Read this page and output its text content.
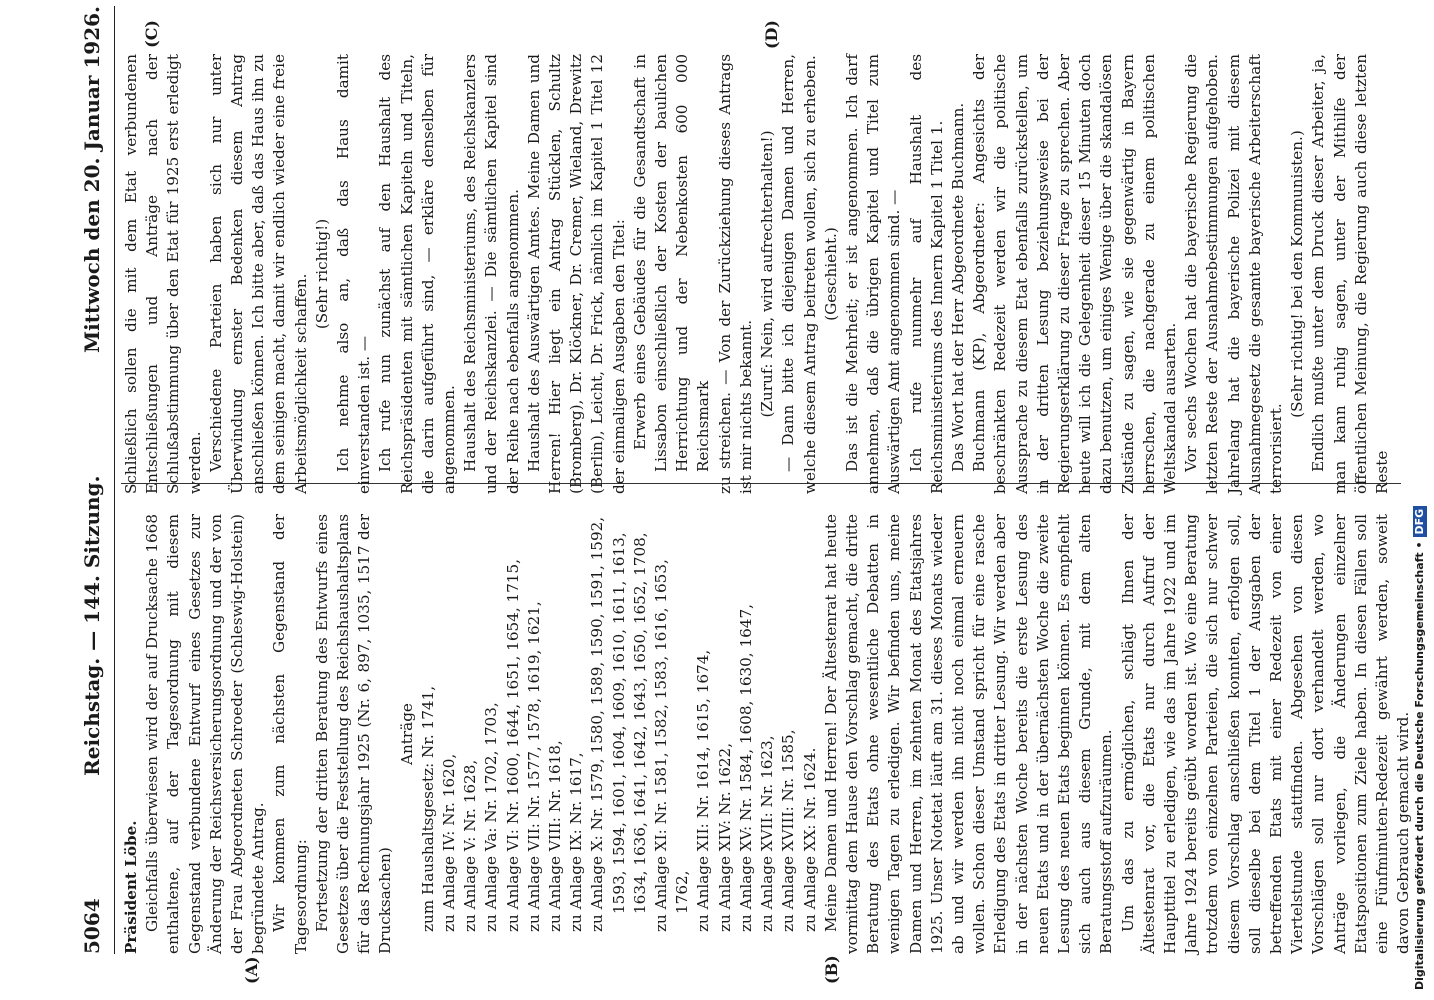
5064
Reichstag. — 144. Sitzung.
Mittwoch den 20. Januar 1926.
(A)	(B)

Präsident Löbe. Gleichfalls überwiesen wird der auf Drucksache 1668 enthaltene, auf der Tagesordnung mit diesem Gegenstand verbundene Entwurf eines Gesetzes zur Änderung der Reichsversicherungsordnung und der von der Frau Abgeordneten Schroeder (Schleswig-Holstein) begründete Antrag. Wir kommen zum nächsten Gegenstand der Tagesordnung: Fortsetzung der dritten Beratung des Entwurfs eines Gesetzes über die Feststellung des Reichshaushaltsplans für das Rechnungsjahr 1925 (Nr. 6, 897, 1035, 1517 der Drucksachen)

Anträge zum Haushaltsgesetz: Nr. 1741, zu Anlage IV: Nr. 1620, zu Anlage V: Nr. 1628, zu Anlage Va: Nr. 1702, 1703, zu Anlage VI: Nr. 1600, 1644, 1651, 1654, 1715, zu Anlage VII: Nr. 1577, 1578, 1619, 1621, zu Anlage VIII: Nr. 1618, zu Anlage IX: Nr. 1617, zu Anlage X: Nr. 1579, 1580, 1589, 1590, 1591, 1592, 1593, 1594, 1601, 1604, 1609, 1610, 1611, 1613, 1634, 1636, 1641, 1642, 1643, 1650, 1652, 1708, zu Anlage XI: Nr. 1581, 1582, 1583, 1616, 1653, 1762, zu Anlage XII: Nr. 1614, 1615, 1674, zu Anlage XIV: Nr. 1622, zu Anlage XV: Nr. 1584, 1608, 1630, 1647, zu Anlage XVII: Nr. 1623, zu Anlage XVIII: Nr. 1585, zu Anlage XX: Nr. 1624. Meine Damen und Herren! Der Ältestenrat hat heute vormittag dem Hause den Vorschlag gemacht, die dritte Beratung des Etats ohne wesentliche Debatten in wenigen Tagen zu erledigen. Wir befinden uns, meine Damen und Herren, im zehnten Monat des Etatsjahres 1925. Unser Notetat läuft am 31. dieses Monats wieder ab und wir werden ihn nicht noch einmal erneuern wollen. Schon dieser Umstand spricht für eine rasche Erledigung des Etats in dritter Lesung. Wir werden aber in der nächsten Woche bereits die erste Lesung des neuen Etats und in der übernächsten Woche die zweite Lesung des neuen Etats beginnen können. Es empfiehlt sich auch aus diesem Grunde, mit dem alten Beratungsstoff aufzuräumen. Um das zu ermöglichen, schlägt Ihnen der Ältestenrat vor, die Etats nur durch Aufruf der Haupttitel zu erledigen, wie das im Jahre 1922 und im Jahre 1924 bereits geübt worden ist. Wo eine Beratung trotzdem von einzelnen Parteien, die sich nur schwer diesem Vorschlag anschließen konnten, erfolgen soll, soll dieselbe bei dem Titel 1 der Ausgaben der betreffenden Etats mit einer Redezeit von einer Viertelstunde stattfinden. Abgesehen von diesen Vorschlägen soll nur dort verhandelt werden, wo Anträge vorliegen, die Änderungen einzelner Etatspositionen zum Ziele haben. In diesen Fällen soll eine Fünfminuten-Redezeit gewährt werden, soweit davon Gebrauch gemacht wird.

(C)	(D)

Schließlich sollen die mit dem Etat verbundenen Entschließungen und Anträge nach der Schlußabstimmung über den Etat für 1925 erst erledigt werden. Verschiedene Parteien haben sich nur unter Überwindung ernster Bedenken diesem Antrag anschließen können. Ich bitte aber, daß das Haus ihn zu dem seinigen macht, damit wir endlich wieder eine freie Arbeitsmöglichkeit schaffen. (Sehr richtig!) Ich nehme also an, daß das Haus damit einverstanden ist. — Ich rufe nun zunächst auf den Haushalt des Reichspräsidenten mit sämtlichen Kapiteln und Titeln, die darin aufgeführt sind, — erkläre denselben für angenommen. Haushalt des Reichsministeriums, des Reichskanzlers und der Reichskanzlei. — Die sämtlichen Kapitel sind der Reihe nach ebenfalls angenommen. Haushalt des Auswärtigen Amtes. Meine Damen und Herren! Hier liegt ein Antrag Stücklen, Schultz (Bromberg), Dr. Klöckner, Dr. Cremer, Wieland, Drewitz (Berlin), Leicht, Dr. Frick, nämlich im Kapitel 1 Titel 12 der einmaligen Ausgaben den Titel: Erwerb eines Gebäudes für die Gesandtschaft in Lissabon einschließlich der Kosten der baulichen Herrichtung und der Nebenkosten 600 000 Reichsmark zu streichen. — Von der Zurückziehung dieses Antrags ist mir nichts bekannt. (Zuruf: Nein, wird aufrechterhalten!) — Dann bitte ich diejenigen Damen und Herren, welche diesem Antrag beitreten wollen, sich zu erheben. (Geschieht.) Das ist die Mehrheit; er ist angenommen. Ich darf annehmen, daß die übrigen Kapitel und Titel zum Auswärtigen Amt angenommen sind. — Ich rufe nunmehr auf Haushalt des Reichsministeriums des Innern Kapitel 1 Titel 1. Das Wort hat der Herr Abgeordnete Buchmann. Buchmann (KP), Abgeordneter: Angesichts der beschränkten Redezeit werden wir die politische Aussprache zu diesem Etat ebenfalls zurückstellen, um in der dritten Lesung beziehungsweise bei der Regierungserklärung zu dieser Frage zu sprechen. Aber heute will ich die Gelegenheit dieser 15 Minuten doch dazu benutzen, um einiges Wenige über die skandalösen Zustände zu sagen, wie sie gegenwärtig in Bayern herrschen, die nachgerade zu einem politischen Weltskandal ausarten. Vor sechs Wochen hat die bayerische Regierung die letzten Reste der Ausnahmebestimmungen aufgehoben. Jahrelang hat die bayerische Polizei mit diesem Ausnahmegesetz die gesamte bayerische Arbeiterschaft terrorisiert.

(Sehr richtig! bei den Kommunisten.) Endlich mußte unter dem Druck dieser Arbeiter, ja, man kann ruhig sagen, unter der Mithilfe der öffentlichen Meinung, die Regierung auch diese letzten Reste

Digitalisierung gefördert durch die Deutsche Forschungsgemeinschaft •DFG
